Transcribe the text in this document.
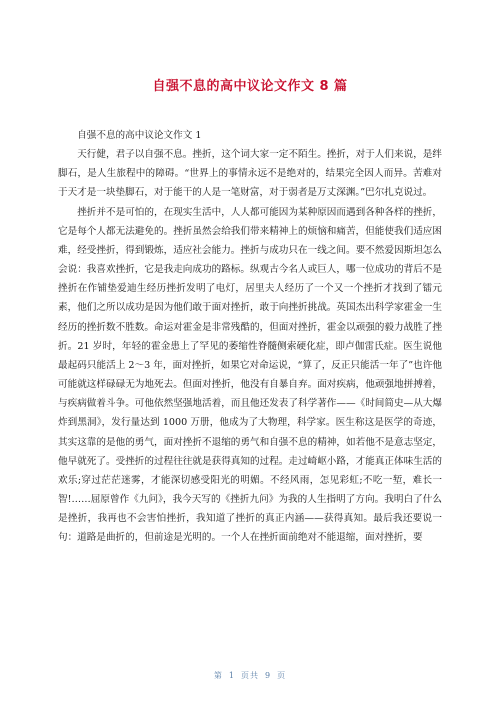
自强不息的高中议论文作文 8 篇

自强不息的高中议论文作文 1

天行健，君子以自强不息。挫折，这个词大家一定不陌生。挫折，对于人们来说，是绊脚石，是人生旅程中的障碍。“世界上的事情永远不是绝对的，结果完全因人而异。苦难对于天才是一块垫脚石，对于能干的人是一笔财富，对于弱者是万丈深渊。”巴尔扎克说过。

挫折并不是可怕的，在现实生活中，人人都可能因为某种原因而遇到各种各样的挫折，它是每个人都无法避免的。挫折虽然会给我们带来精神上的烦恼和痛苦，但能使我们适应困难，经受挫折，得到锻炼，适应社会能力。挫折与成功只在一线之间。要不然爱因斯坦怎么会说：我喜欢挫折，它是我走向成功的路标。纵观古今名人或巨人，哪一位成功的背后不是挫折在作铺垫爱迪生经历挫折发明了电灯，居里夫人经历了一个又一个挫折才找到了镭元素，他们之所以成功是因为他们敢于面对挫折，敢于向挫折挑战。英国杰出科学家霍金一生经历的挫折数不胜数。命运对霍金是非常残酷的，但面对挫折，霍金以顽强的毅力战胜了挫折。21 岁时，年轻的霍金患上了罕见的萎缩性脊髓侧索硬化症，即卢伽雷氏症。医生说他最起码只能活上 2～3 年，面对挫折，如果它对命运说，“算了，反正只能活一年了”也许他可能就这样碌碌无为地死去。但面对挫折，他没有自暴自弃。面对疾病，他顽强地拼搏着，与疾病做着斗争。可他依然坚强地活着，而且他还发表了科学著作——《时间简史—从大爆炸到黑洞》，发行量达到 1000 万册，他成为了大物理，科学家。医生称这是医学的奇迹，其实这靠的是他的勇气，面对挫折不退缩的勇气和自强不息的精神，如若他不是意志坚定，他早就死了。受挫折的过程往往就是获得真知的过程。走过崎岖小路，才能真正体味生活的欢乐;穿过茫茫迷雾，才能深切感受阳光的明媚。不经风雨，怎见彩虹;不吃一堑，难长一智!……屈原曾作《九问》，我今天写的《挫折九问》为我的人生指明了方向。我明白了什么是挫折，我再也不会害怕挫折，我知道了挫折的真正内涵——获得真知。最后我还要说一句：道路是曲折的，但前途是光明的。一个人在挫折面前绝对不能退缩，面对挫折，要

第 1 页共 9 页
